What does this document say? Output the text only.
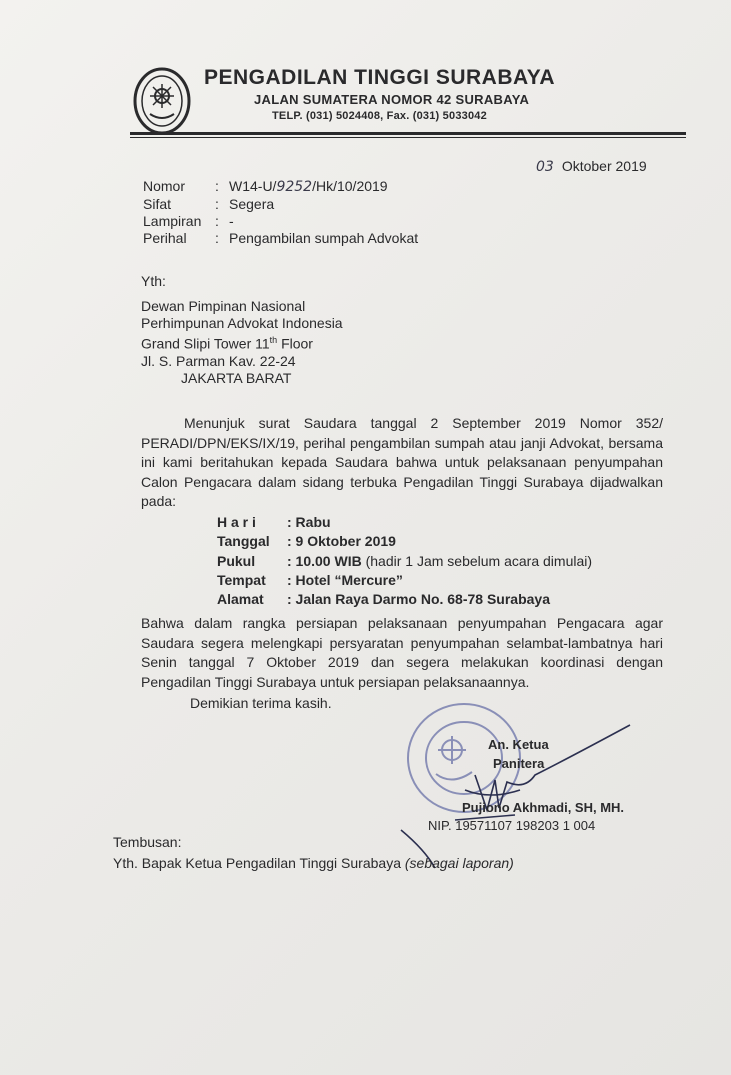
PENGADILAN TINGGI SURABAYA
JALAN SUMATERA NOMOR 42 SURABAYA
TELP. (031) 5024408, Fax. (031) 5033042
03 Oktober 2019
Nomor	: W14-U/9252/Hk/10/2019
Sifat	: Segera
Lampiran : -
Perihal	: Pengambilan sumpah Advokat
Yth:
Dewan Pimpinan Nasional
Perhimpunan Advokat Indonesia
Grand Slipi Tower 11th Floor
Jl. S. Parman Kav. 22-24
JAKARTA BARAT
Menunjuk surat Saudara tanggal 2 September 2019 Nomor 352/ PERADI/DPN/EKS/IX/19, perihal pengambilan sumpah atau janji Advokat, bersama ini kami beritahukan kepada Saudara bahwa untuk pelaksanaan penyumpahan Calon Pengacara dalam sidang terbuka Pengadilan Tinggi Surabaya dijadwalkan pada:
H a r i	: Rabu
Tanggal	: 9 Oktober 2019
Pukul	: 10.00 WIB (hadir 1 Jam sebelum acara dimulai)
Tempat	: Hotel “Mercure”
Alamat	: Jalan Raya Darmo No. 68-78 Surabaya
Bahwa dalam rangka persiapan pelaksanaan penyumpahan Pengacara agar Saudara segera melengkapi persyaratan penyumpahan selambat-lambatnya hari Senin tanggal 7 Oktober 2019 dan segera melakukan koordinasi dengan Pengadilan Tinggi Surabaya untuk persiapan pelaksanaannya.
Demikian terima kasih.
An. Ketua
Panitera
Pujiono Akhmadi, SH, MH.
NIP. 19571107 198203 1 004
Tembusan:
Yth. Bapak Ketua Pengadilan Tinggi Surabaya (sebagai laporan)
